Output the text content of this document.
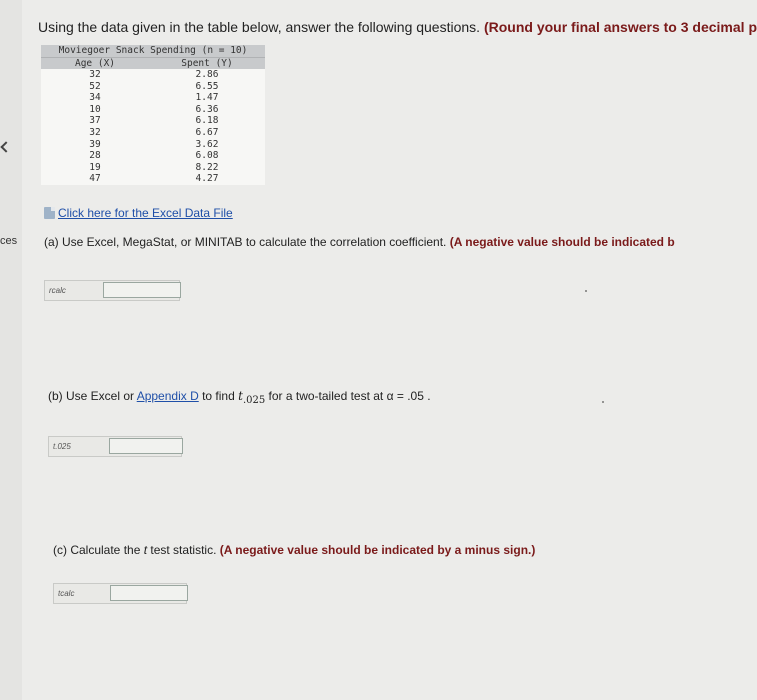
ces
Using the data given in the table below, answer the following questions. (Round your final answers to 3 decimal p
Moviegoer Snack Spending (n = 10)
Age (X)	Spent (Y)
32	2.86
52	6.55
34	1.47
10	6.36
37	6.18
32	6.67
39	3.62
28	6.08
19	8.22
47	4.27
Click here for the Excel Data File
(a) Use Excel, MegaStat, or MINITAB to calculate the correlation coefficient. (A negative value should be indicated b
rcalc
(b) Use Excel or Appendix D to find $t_{.025}$ for a two-tailed test at α = .05 .
t.025
(c) Calculate the t test statistic. (A negative value should be indicated by a minus sign.)
tcalc
